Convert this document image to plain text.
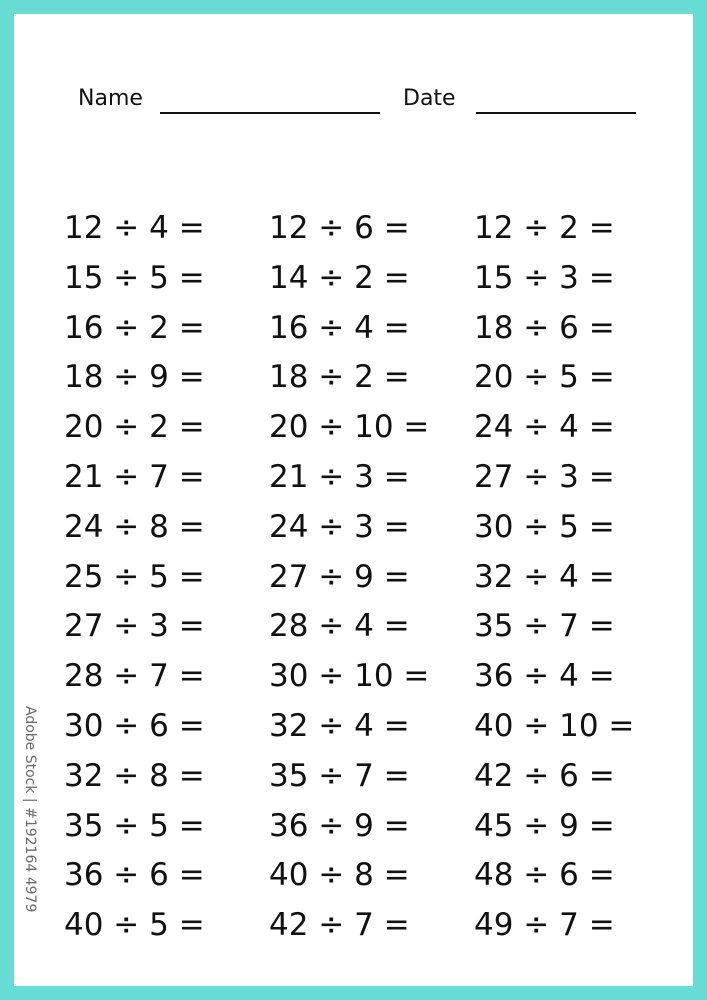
Name	Date
12 ÷ 4 =
15 ÷ 5 =
16 ÷ 2 =
18 ÷ 9 =
20 ÷ 2 =
21 ÷ 7 =
24 ÷ 8 =
25 ÷ 5 =
27 ÷ 3 =
28 ÷ 7 =
30 ÷ 6 =
32 ÷ 8 =
35 ÷ 5 =
36 ÷ 6 =
40 ÷ 5 =
12 ÷ 6 =
14 ÷ 2 =
16 ÷ 4 =
18 ÷ 2 =
20 ÷ 10 =
21 ÷ 3 =
24 ÷ 3 =
27 ÷ 9 =
28 ÷ 4 =
30 ÷ 10 =
32 ÷ 4 =
35 ÷ 7 =
36 ÷ 9 =
40 ÷ 8 =
42 ÷ 7 =
12 ÷ 2 =
15 ÷ 3 =
18 ÷ 6 =
20 ÷ 5 =
24 ÷ 4 =
27 ÷ 3 =
30 ÷ 5 =
32 ÷ 4 =
35 ÷ 7 =
36 ÷ 4 =
40 ÷ 10 =
42 ÷ 6 =
45 ÷ 9 =
48 ÷ 6 =
49 ÷ 7 =
Adobe Stock | #192164 4979
